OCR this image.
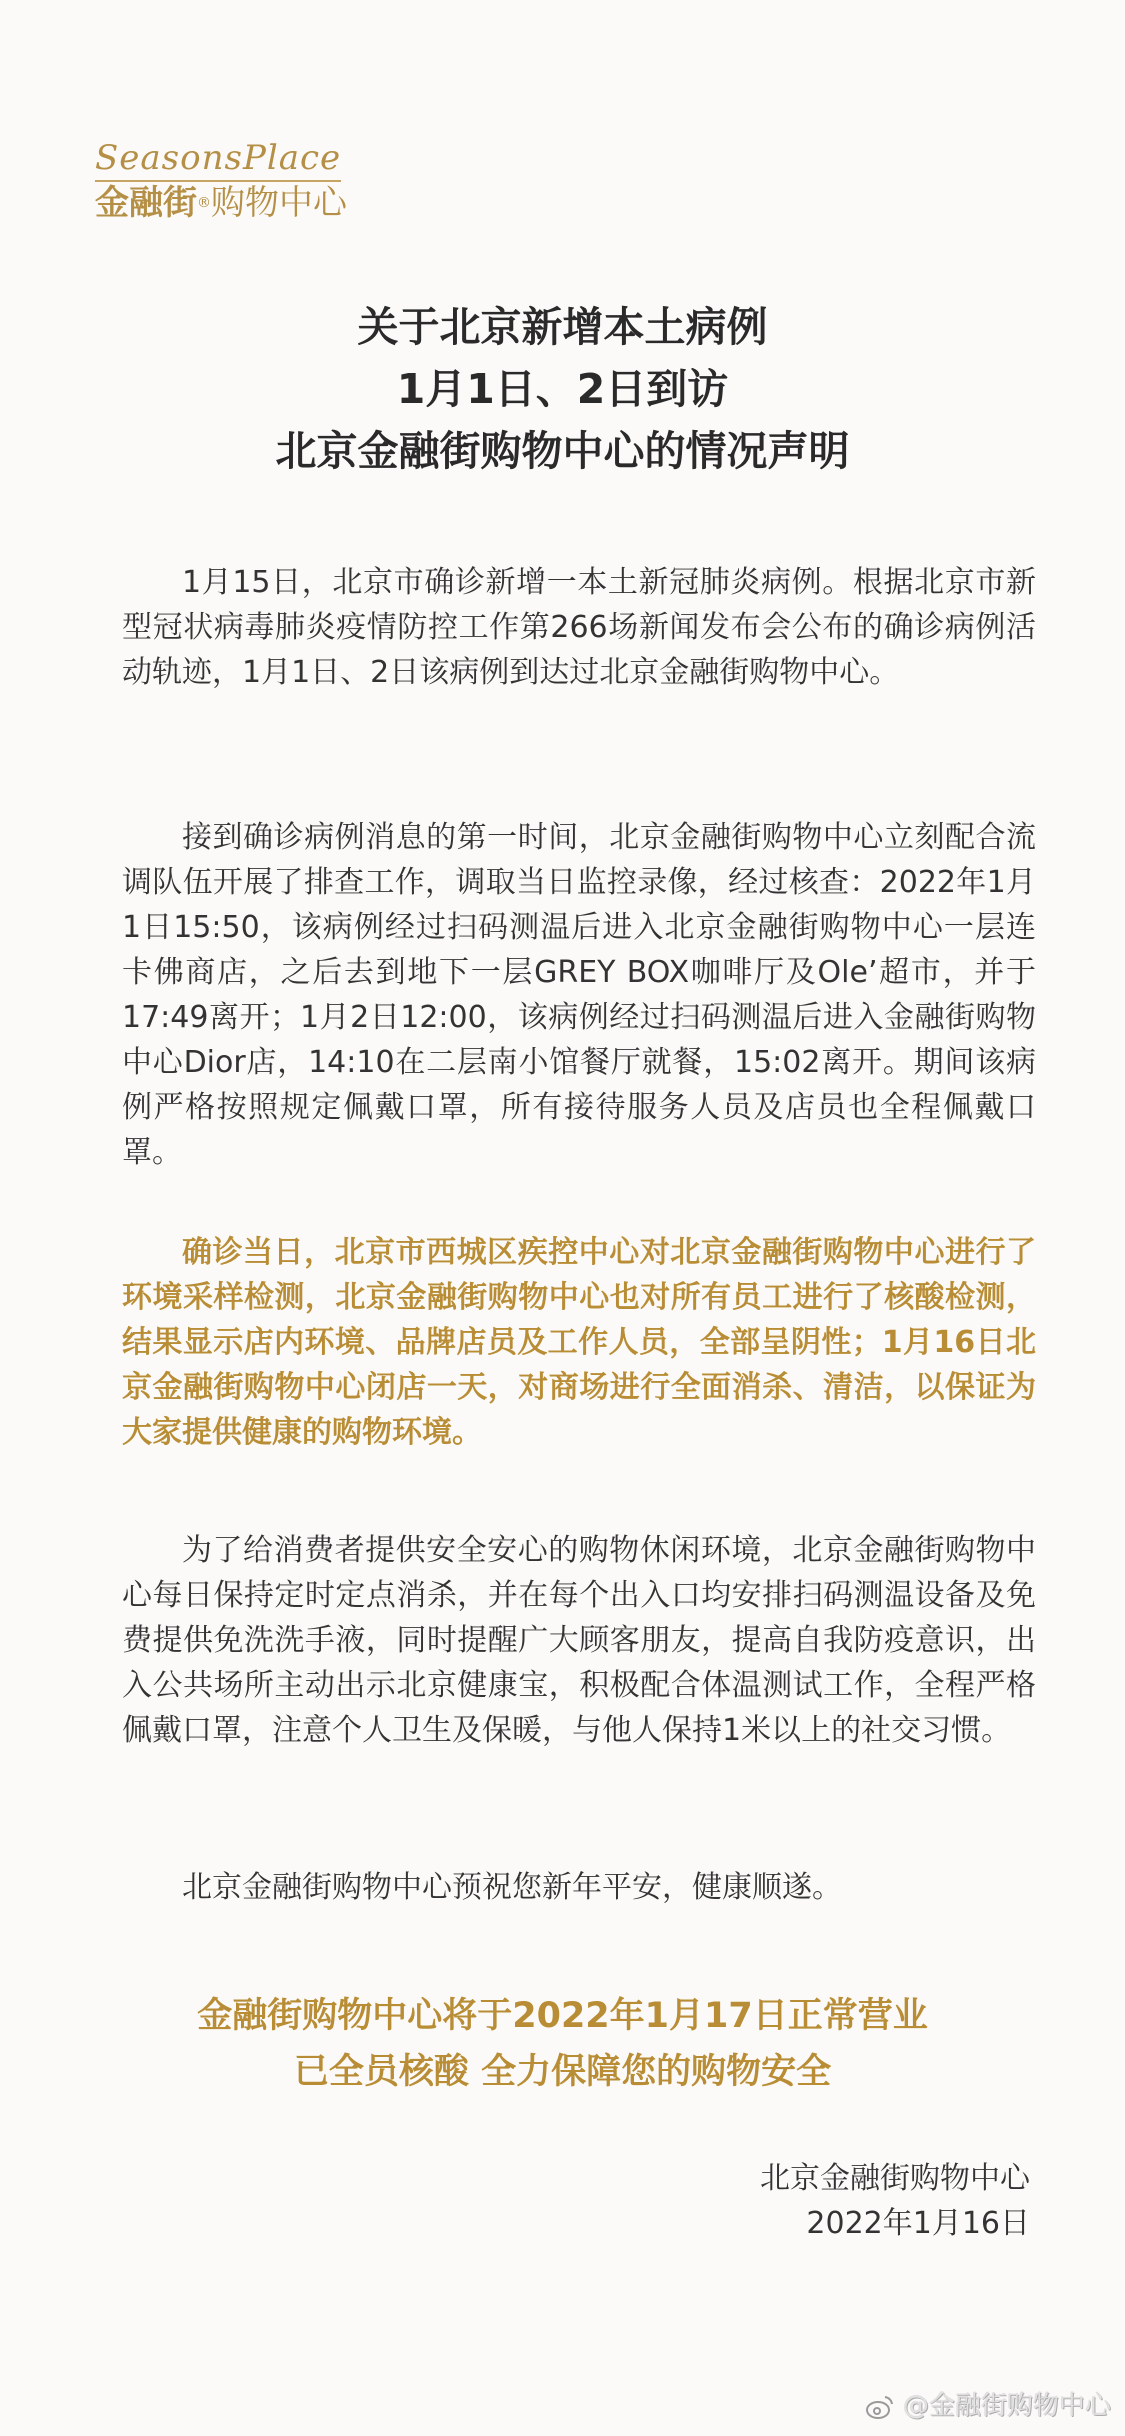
SeasonsPlace
金融街®购物中心
关于北京新增本土病例
1月1日、2日到访
北京金融街购物中心的情况声明
1月15日，北京市确诊新增一本土新冠肺炎病例。根据北京市新型冠状病毒肺炎疫情防控工作第266场新闻发布会公布的确诊病例活动轨迹，1月1日、2日该病例到达过北京金融街购物中心。
接到确诊病例消息的第一时间，北京金融街购物中心立刻配合流调队伍开展了排查工作，调取当日监控录像，经过核查：2022年1月1日15:50，该病例经过扫码测温后进入北京金融街购物中心一层连卡佛商店，之后去到地下一层GREY BOX咖啡厅及Ole’超市，并于17:49离开；1月2日12:00，该病例经过扫码测温后进入金融街购物中心Dior店，14:10在二层南小馆餐厅就餐，15:02离开。期间该病例严格按照规定佩戴口罩，所有接待服务人员及店员也全程佩戴口罩。
确诊当日，北京市西城区疾控中心对北京金融街购物中心进行了环境采样检测，北京金融街购物中心也对所有员工进行了核酸检测，结果显示店内环境、品牌店员及工作人员，全部呈阴性；1月16日北京金融街购物中心闭店一天，对商场进行全面消杀、清洁，以保证为大家提供健康的购物环境。
为了给消费者提供安全安心的购物休闲环境，北京金融街购物中心每日保持定时定点消杀，并在每个出入口均安排扫码测温设备及免费提供免洗洗手液，同时提醒广大顾客朋友，提高自我防疫意识，出入公共场所主动出示北京健康宝，积极配合体温测试工作，全程严格佩戴口罩，注意个人卫生及保暖，与他人保持1米以上的社交习惯。
北京金融街购物中心预祝您新年平安，健康顺遂。
金融街购物中心将于2022年1月17日正常营业
已全员核酸 全力保障您的购物安全
北京金融街购物中心
2022年1月16日
@金融街购物中心
